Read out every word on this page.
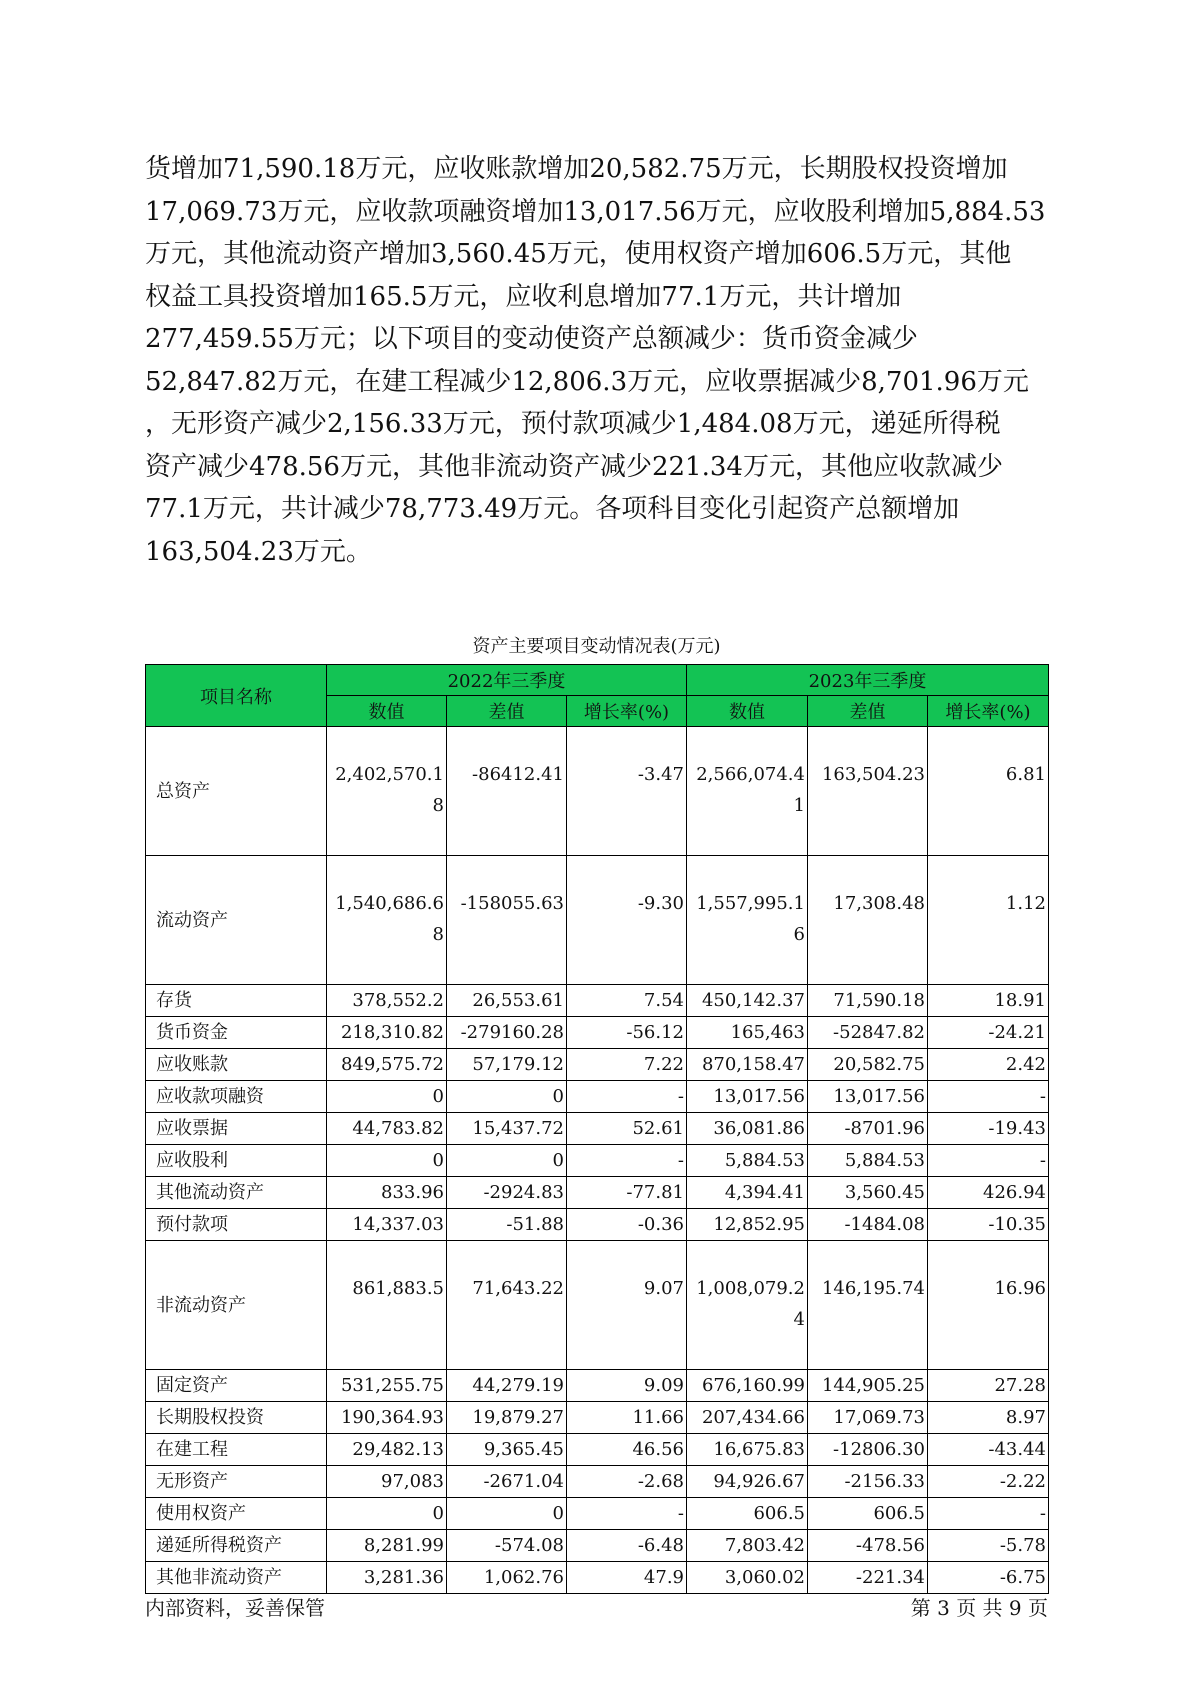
货增加71,590.18万元，应收账款增加20,582.75万元，长期股权投资增加
17,069.73万元，应收款项融资增加13,017.56万元，应收股利增加5,884.53
万元，其他流动资产增加3,560.45万元，使用权资产增加606.5万元，其他
权益工具投资增加165.5万元，应收利息增加77.1万元，共计增加
277,459.55万元；以下项目的变动使资产总额减少：货币资金减少
52,847.82万元，在建工程减少12,806.3万元，应收票据减少8,701.96万元
，无形资产减少2,156.33万元，预付款项减少1,484.08万元，递延所得税
资产减少478.56万元，其他非流动资产减少221.34万元，其他应收款减少
77.1万元，共计减少78,773.49万元。各项科目变化引起资产总额增加
163,504.23万元。
资产主要项目变动情况表(万元)
项目名称	2022年三季度			2023年三季度		
	数值	差值	增长率(%)	数值	差值	增长率(%)
总资产	2,402,570.18	-86412.41	-3.47	2,566,074.41	163,504.23	6.81
流动资产	1,540,686.68	-158055.63	-9.30	1,557,995.16	17,308.48	1.12
存货	378,552.2	26,553.61	7.54	450,142.37	71,590.18	18.91
货币资金	218,310.82	-279160.28	-56.12	165,463	-52847.82	-24.21
应收账款	849,575.72	57,179.12	7.22	870,158.47	20,582.75	2.42
应收款项融资	0	0	-	13,017.56	13,017.56	-
应收票据	44,783.82	15,437.72	52.61	36,081.86	-8701.96	-19.43
应收股利	0	0	-	5,884.53	5,884.53	-
其他流动资产	833.96	-2924.83	-77.81	4,394.41	3,560.45	426.94
预付款项	14,337.03	-51.88	-0.36	12,852.95	-1484.08	-10.35
非流动资产	861,883.5	71,643.22	9.07	1,008,079.24	146,195.74	16.96
固定资产	531,255.75	44,279.19	9.09	676,160.99	144,905.25	27.28
长期股权投资	190,364.93	19,879.27	11.66	207,434.66	17,069.73	8.97
在建工程	29,482.13	9,365.45	46.56	16,675.83	-12806.30	-43.44
无形资产	97,083	-2671.04	-2.68	94,926.67	-2156.33	-2.22
使用权资产	0	0	-	606.5	606.5	-
递延所得税资产	8,281.99	-574.08	-6.48	7,803.42	-478.56	-5.78
其他非流动资产	3,281.36	1,062.76	47.9	3,060.02	-221.34	-6.75
内部资料，妥善保管	第 3 页 共 9 页
